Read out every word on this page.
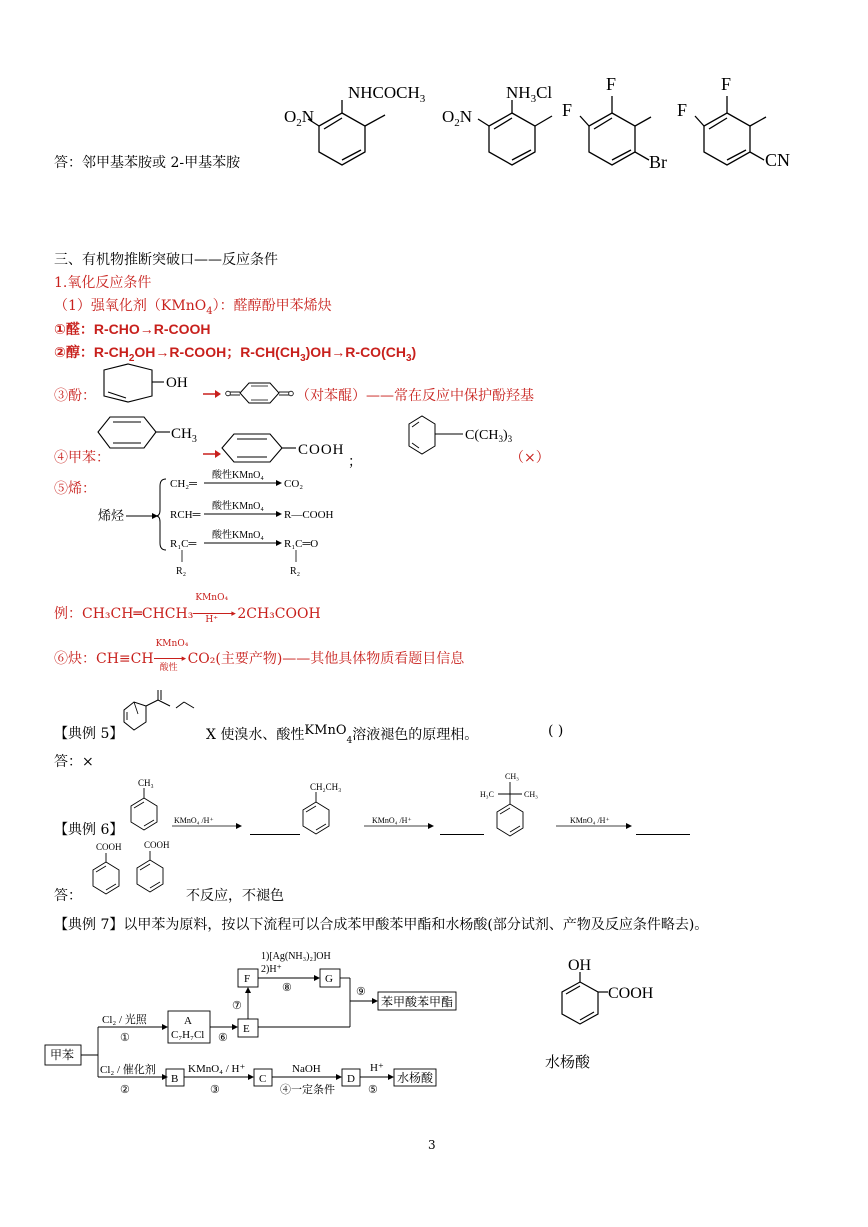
$NHCOCH_3$
$O_2N$
$NH_3Cl$
$O_2N$
F
F
Br
F
F
CN
答：邻甲基苯胺或 2-甲基苯胺
三、有机物推断突破口——反应条件
1.氧化反应条件
（1）强氧化剂（KMnO$_4$）：醛醇酚甲苯烯炔
①醛：R-CHO→R-COOH
②醇：$R-CH_2OH\to R$-COOH；$R-CH(CH_3)OH\to R-CO(CH_3)$
③酚：
OH
（对苯醌）——常在反应中保护酚羟基
$CH_3$
④甲苯：	COOH
；
$C(CH_3)_3$
（×）
⑤烯：
烯烃
CH₂═
酸性KMnO₄
CO₂
RCH═
酸性KMnO₄
R—COOH
R₁C═
酸性KMnO₄
R₁C═O
R₂	R₂
例：CH₃CH═CHCH₃
KMnO₄
▸
H⁺ 2CH₃COOH
⑥炔：CH≡CH
KMnO₄
▸
酸性
CO₂(主要产物)——其他具体物质看题目信息
【典例 5】	X 使溴水、酸性KMnO$_4$溶液褪色的原理相。	( )
答：×
【典例 6】
CH₃
KMnO₄ /H⁺
CH₂CH₃
KMnO₄ /H⁺
CH₃
H₃C	CH₃
KMnO₄ /H⁺
答：
COOH COOH
不反应，不褪色
【典例 7】以甲苯为原料，按以下流程可以合成苯甲酸苯甲酯和水杨酸(部分试剂、产物及反应条件略去)。
甲苯
Cl₂ / 光照
①
A
C₇H₇Cl ⑥
E
⑦
F
1)[Ag(NH₃)₂]OH
2)H⁺
⑧
G
⑨
苯甲酸苯甲酯
Cl₂ / 催化剂
②
B
KMnO₄ / H⁺
③
C
NaOH
④一定条件
D
H⁺
⑤
水杨酸
OH
COOH
水杨酸
3
